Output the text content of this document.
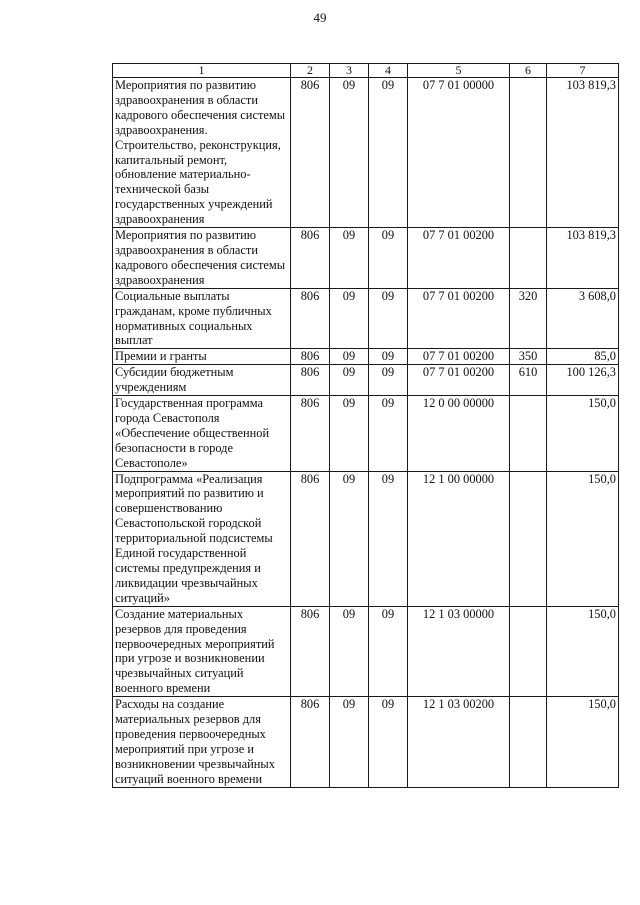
49
1	2	3	4	5	6	7
Мероприятия по развитию здравоохранения в области кадрового обеспечения системы здравоохранения. Строительство, реконструкция, капитальный ремонт, обновление материально-технической базы государственных учреждений здравоохранения	806	09	09	07 7 01 00000		103 819,3
Мероприятия по развитию здравоохранения в области кадрового обеспечения системы здравоохранения	806	09	09	07 7 01 00200		103 819,3
Социальные выплаты гражданам, кроме публичных нормативных социальных выплат	806	09	09	07 7 01 00200	320	3 608,0
Премии и гранты	806	09	09	07 7 01 00200	350	85,0
Субсидии бюджетным учреждениям	806	09	09	07 7 01 00200	610	100 126,3
Государственная программа города Севастополя «Обеспечение общественной безопасности в городе Севастополе»	806	09	09	12 0 00 00000		150,0
Подпрограмма «Реализация мероприятий по развитию и совершенствованию Севастопольской городской территориальной подсистемы Единой государственной системы предупреждения и ликвидации чрезвычайных ситуаций»	806	09	09	12 1 00 00000		150,0
Создание материальных резервов для проведения первоочередных мероприятий при угрозе и возникновении чрезвычайных ситуаций военного времени	806	09	09	12 1 03 00000		150,0
Расходы на создание материальных резервов для проведения первоочередных мероприятий при угрозе и возникновении чрезвычайных ситуаций военного времени	806	09	09	12 1 03 00200		150,0
